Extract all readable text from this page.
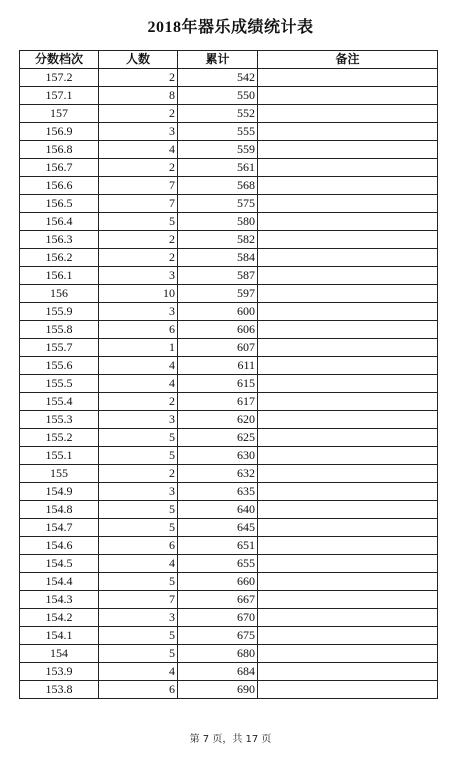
2018年器乐成绩统计表
分数档次	人数	累计	备注
157.2	2	542	
157.1	8	550	
157	2	552	
156.9	3	555	
156.8	4	559	
156.7	2	561	
156.6	7	568	
156.5	7	575	
156.4	5	580	
156.3	2	582	
156.2	2	584	
156.1	3	587	
156	10	597	
155.9	3	600	
155.8	6	606	
155.7	1	607	
155.6	4	611	
155.5	4	615	
155.4	2	617	
155.3	3	620	
155.2	5	625	
155.1	5	630	
155	2	632	
154.9	3	635	
154.8	5	640	
154.7	5	645	
154.6	6	651	
154.5	4	655	
154.4	5	660	
154.3	7	667	
154.2	3	670	
154.1	5	675	
154	5	680	
153.9	4	684	
153.8	6	690	
第 7 页，共 17 页
